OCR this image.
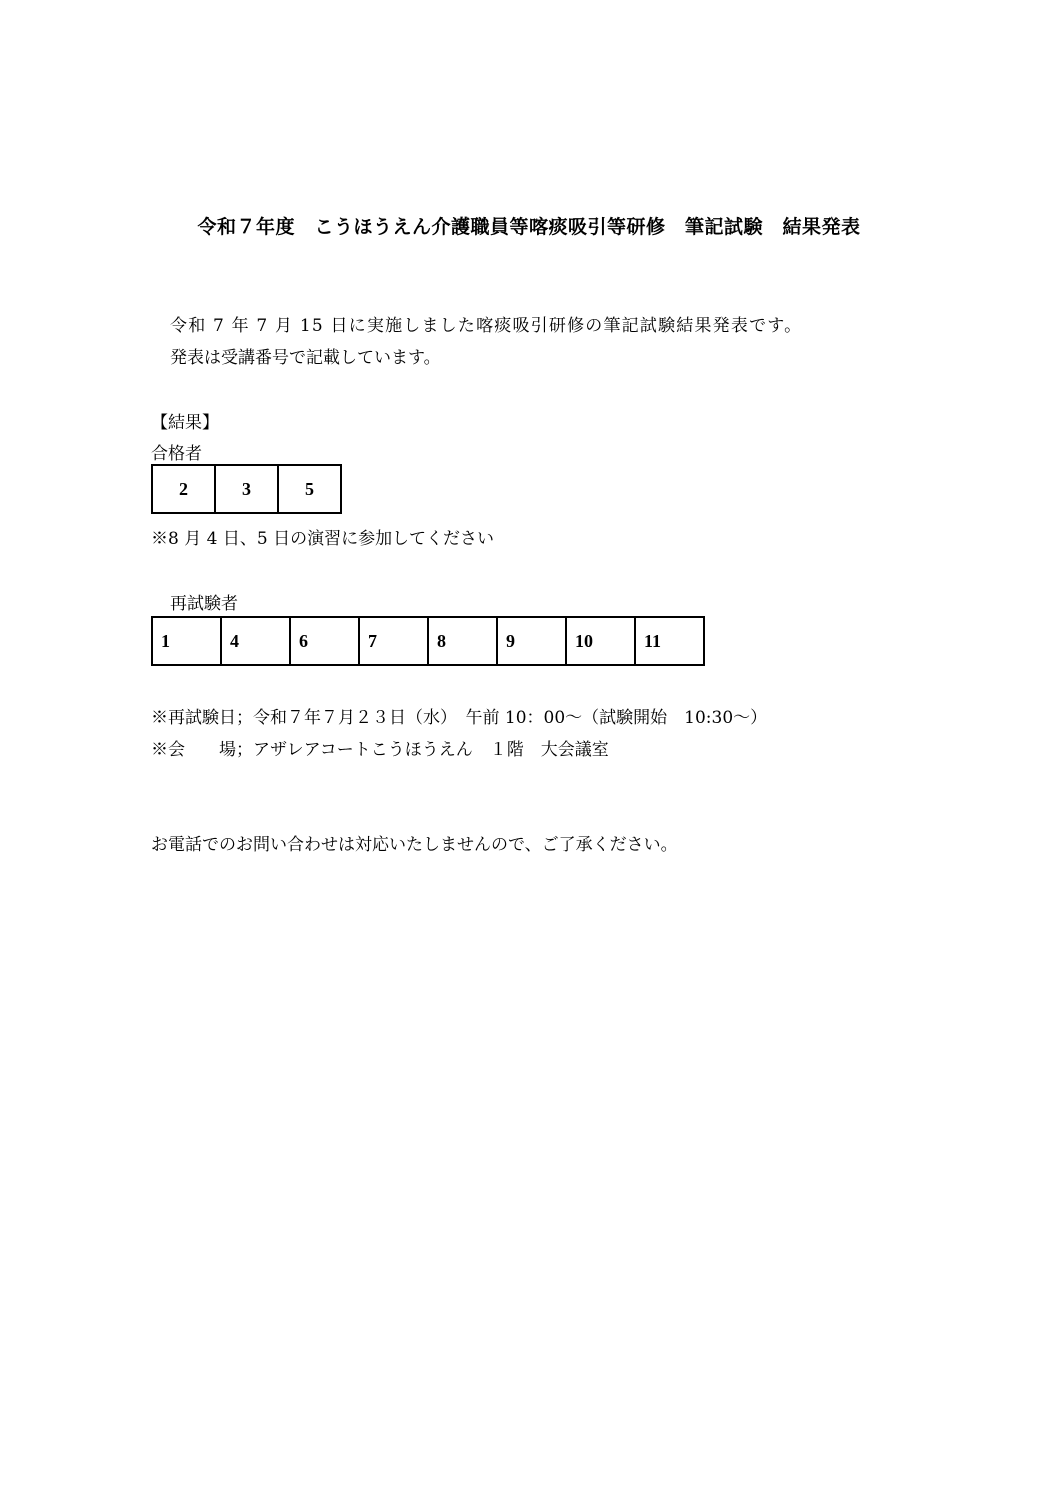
令和７年度　こうほうえん介護職員等喀痰吸引等研修　筆記試験　結果発表
令和 7 年 7 月 15 日に実施しました喀痰吸引研修の筆記試験結果発表です。
発表は受講番号で記載しています。
【結果】
合格者
2	3	5
※8 月 4 日、5 日の演習に参加してください
再試験者
1	4	6	7	8	9	10	11
※再試験日；令和７年７月２３日（水）　午前 10：00～（試験開始　10:30～）
※会　　場；アザレアコートこうほうえん　１階　大会議室
お電話でのお問い合わせは対応いたしませんので、ご了承ください。
